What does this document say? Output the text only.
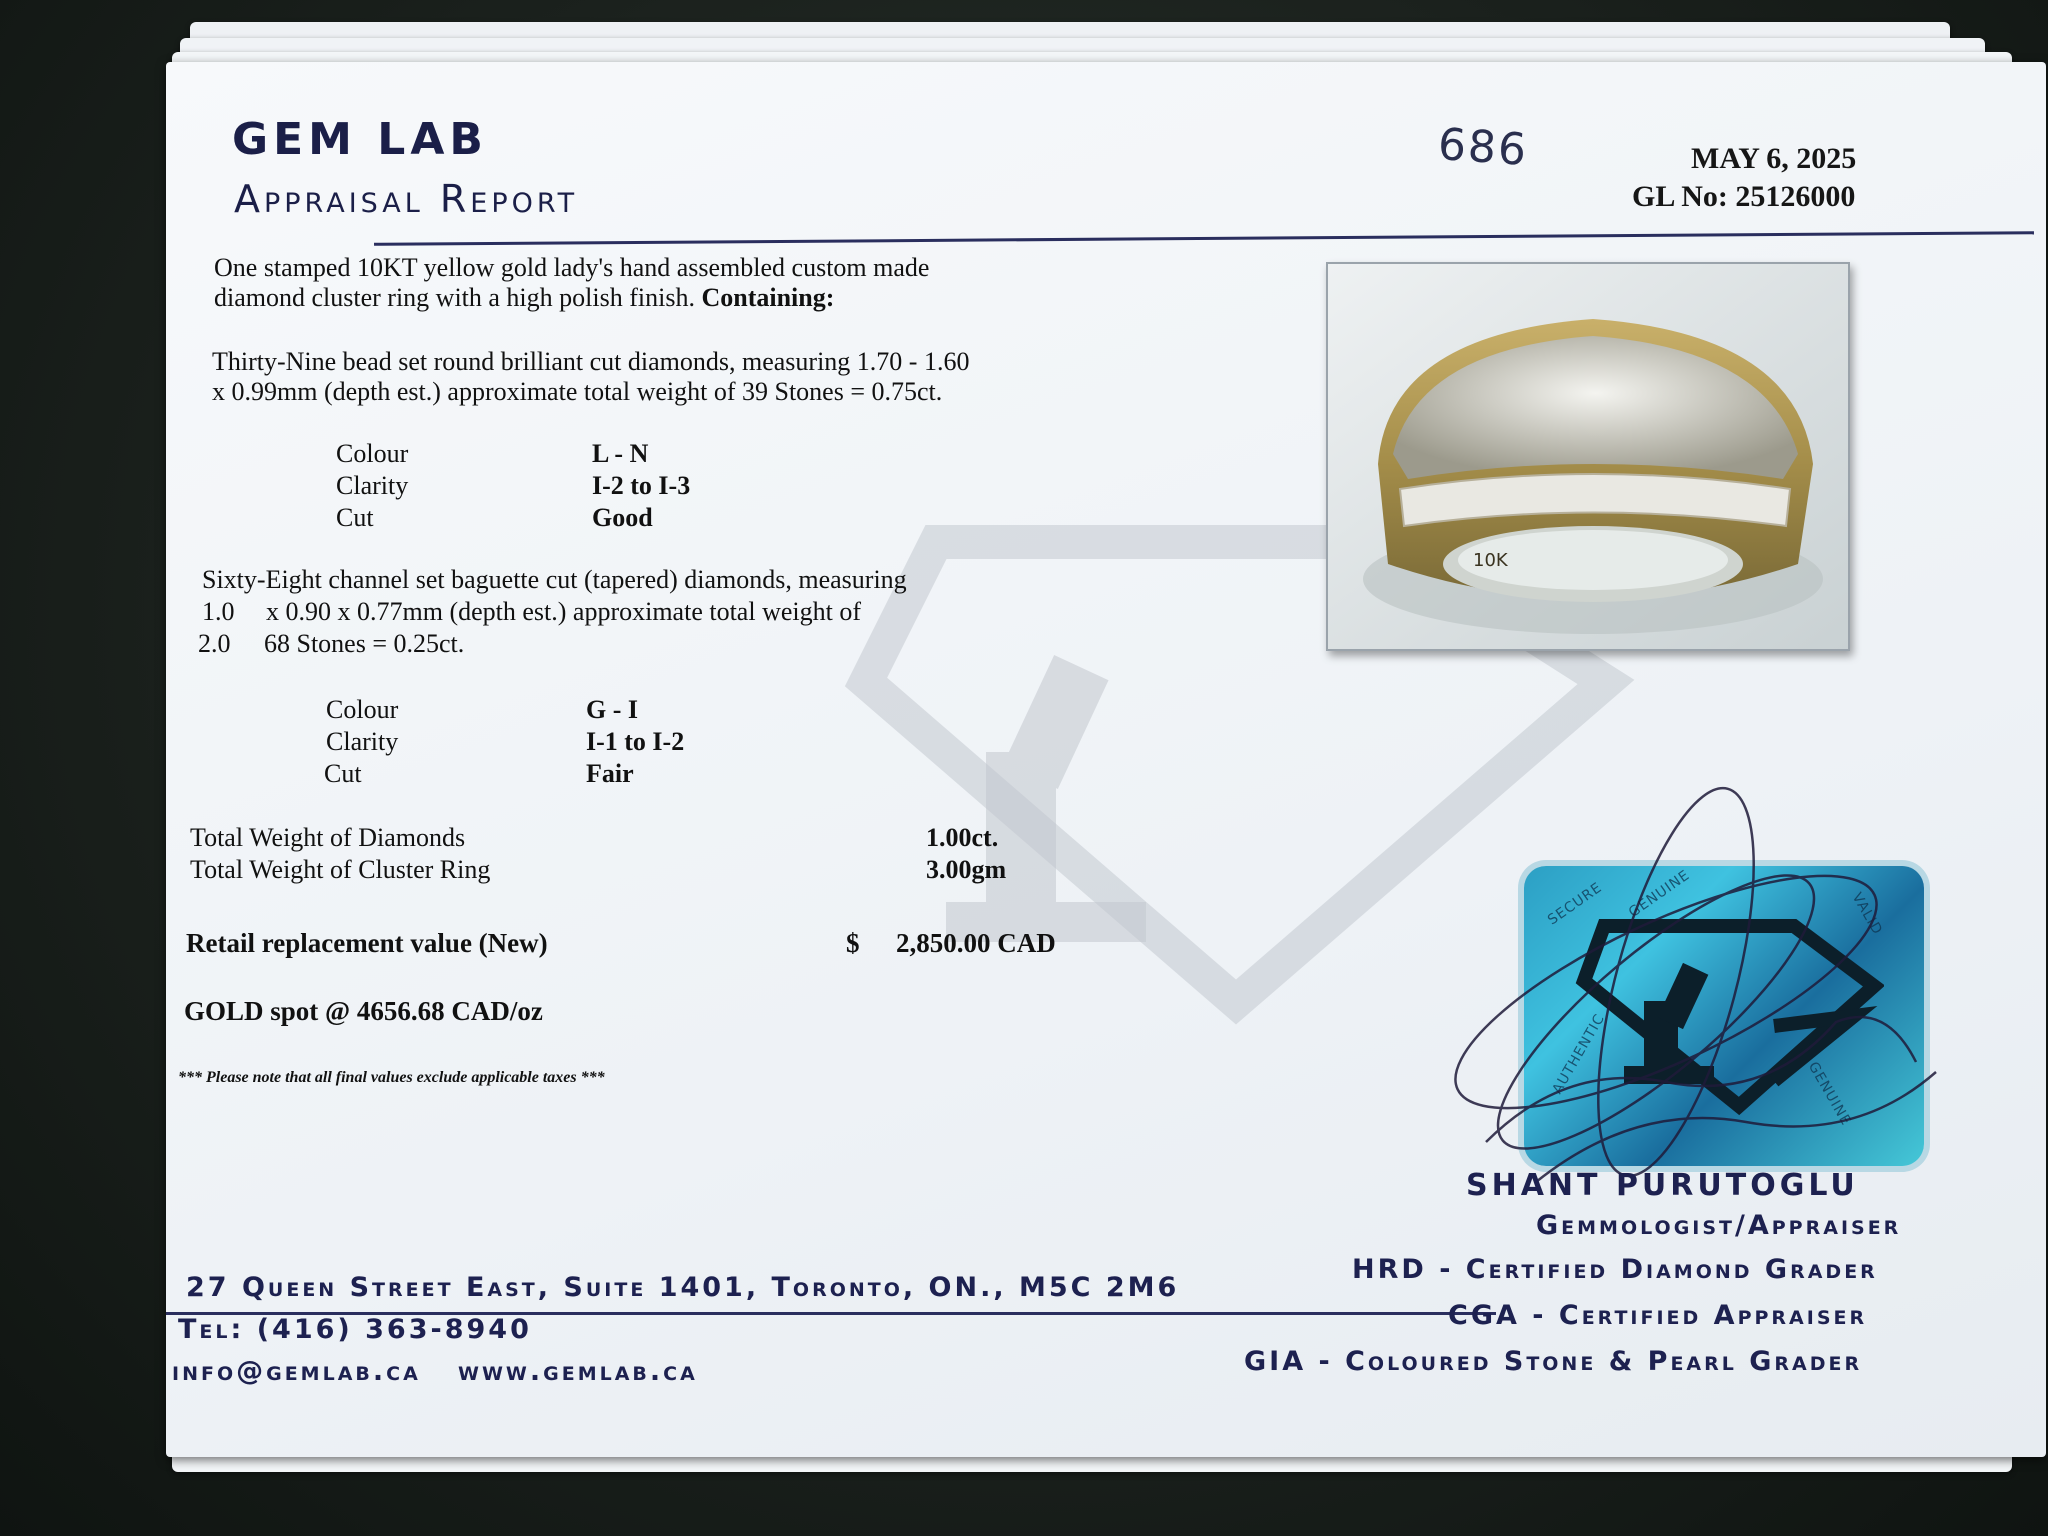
GEM LAB
Appraisal Report
686	MAY 6, 2025
GL No: 25126000
One stamped 10KT yellow gold lady's hand assembled custom made
diamond cluster ring with a high polish finish. Containing:
Thirty-Nine bead set round brilliant cut diamonds, measuring 1.70 - 1.60
x 0.99mm (depth est.) approximate total weight of 39 Stones = 0.75ct.
Colour	L - N
Clarity	I-2 to I-3
Cut	Good
Sixty-Eight channel set baguette cut (tapered) diamonds, measuring
1.0 x 0.90 x 0.77mm (depth est.) approximate total weight of
2.0 68 Stones = 0.25ct.
Colour	G - I
Clarity	I-1 to I-2
Cut	Fair
Total Weight of Diamonds	1.00ct.
Total Weight of Cluster Ring	3.00gm
Retail replacement value (New)	$ 2,850.00 CAD
GOLD spot @ 4656.68 CAD/oz
*** Please note that all final values exclude applicable taxes ***
10K
SECURE GENUINE
AUTHENTIC
VALID
GENUINE
SHANT PURUTOGLU
Gemmologist/Appraiser
HRD - Certified Diamond Grader
CGA - Certified Appraiser
GIA - Coloured Stone & Pearl Grader
27 Queen Street East, Suite 1401, Toronto, ON., M5C 2M6
Tel: (416) 363-8940
info@gemlab.ca www.gemlab.ca
